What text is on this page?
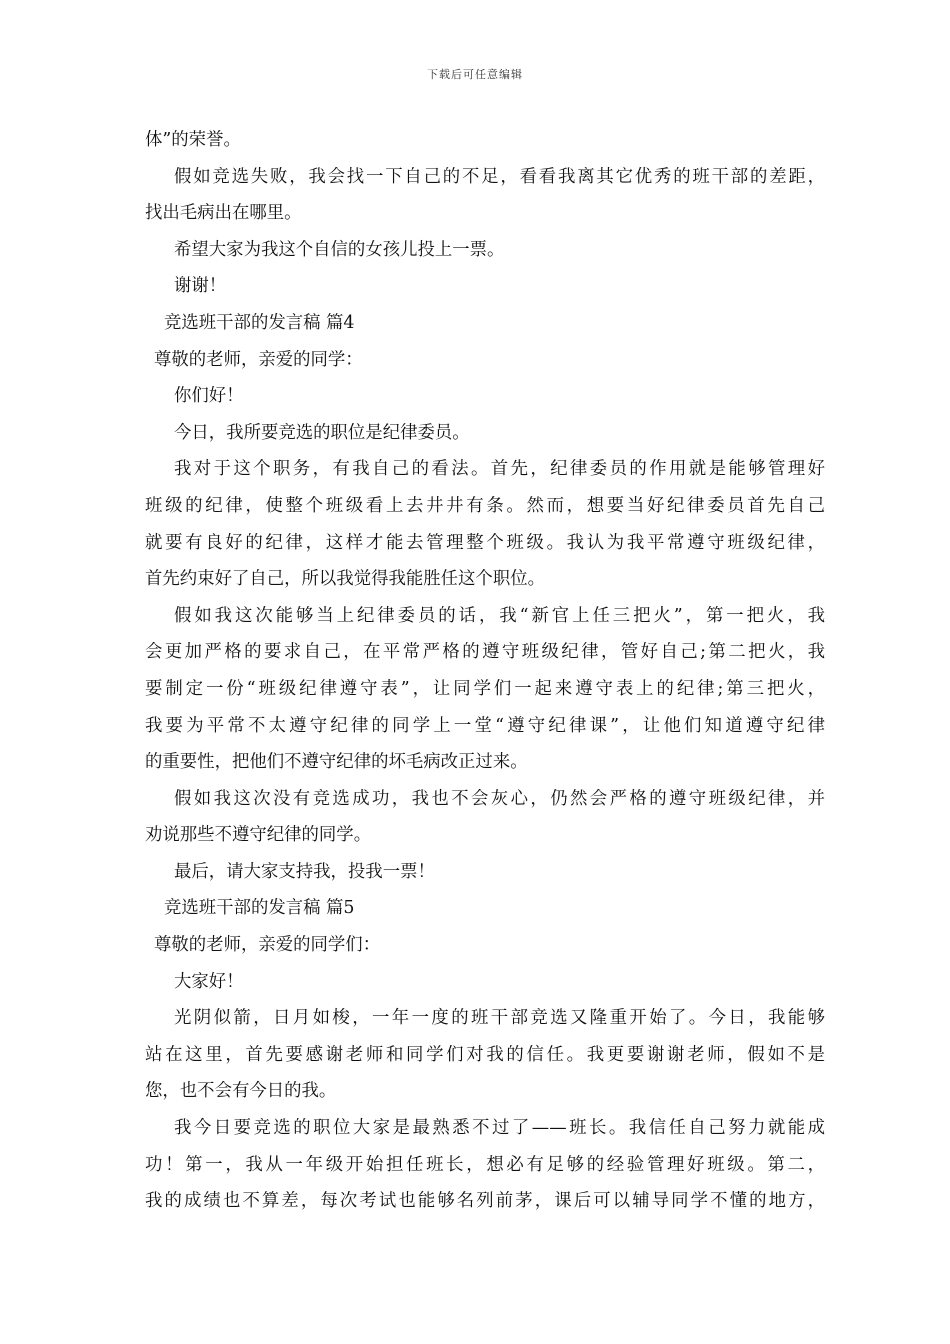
下载后可任意编辑
体”的荣誉。
假如竞选失败，我会找一下自己的不足，看看我离其它优秀的班干部的差距，
找出毛病出在哪里。
希望大家为我这个自信的女孩儿投上一票。
谢谢！
竞选班干部的发言稿 篇4
尊敬的老师，亲爱的同学：
你们好！
今日，我所要竞选的职位是纪律委员。
我对于这个职务，有我自己的看法。首先，纪律委员的作用就是能够管理好
班级的纪律，使整个班级看上去井井有条。然而，想要当好纪律委员首先自己
就要有良好的纪律，这样才能去管理整个班级。我认为我平常遵守班级纪律，
首先约束好了自己，所以我觉得我能胜任这个职位。
假如我这次能够当上纪律委员的话，我“新官上任三把火”，第一把火，我
会更加严格的要求自己，在平常严格的遵守班级纪律，管好自己;第二把火，我
要制定一份“班级纪律遵守表”，让同学们一起来遵守表上的纪律;第三把火，
我要为平常不太遵守纪律的同学上一堂“遵守纪律课”，让他们知道遵守纪律
的重要性，把他们不遵守纪律的坏毛病改正过来。
假如我这次没有竞选成功，我也不会灰心，仍然会严格的遵守班级纪律，并
劝说那些不遵守纪律的同学。
最后，请大家支持我，投我一票！
竞选班干部的发言稿 篇5
尊敬的老师，亲爱的同学们：
大家好！
光阴似箭，日月如梭，一年一度的班干部竞选又隆重开始了。今日，我能够
站在这里，首先要感谢老师和同学们对我的信任。我更要谢谢老师，假如不是
您，也不会有今日的我。
我今日要竞选的职位大家是最熟悉不过了——班长。我信任自己努力就能成
功！第一，我从一年级开始担任班长，想必有足够的经验管理好班级。第二，
我的成绩也不算差，每次考试也能够名列前茅，课后可以辅导同学不懂的地方，
